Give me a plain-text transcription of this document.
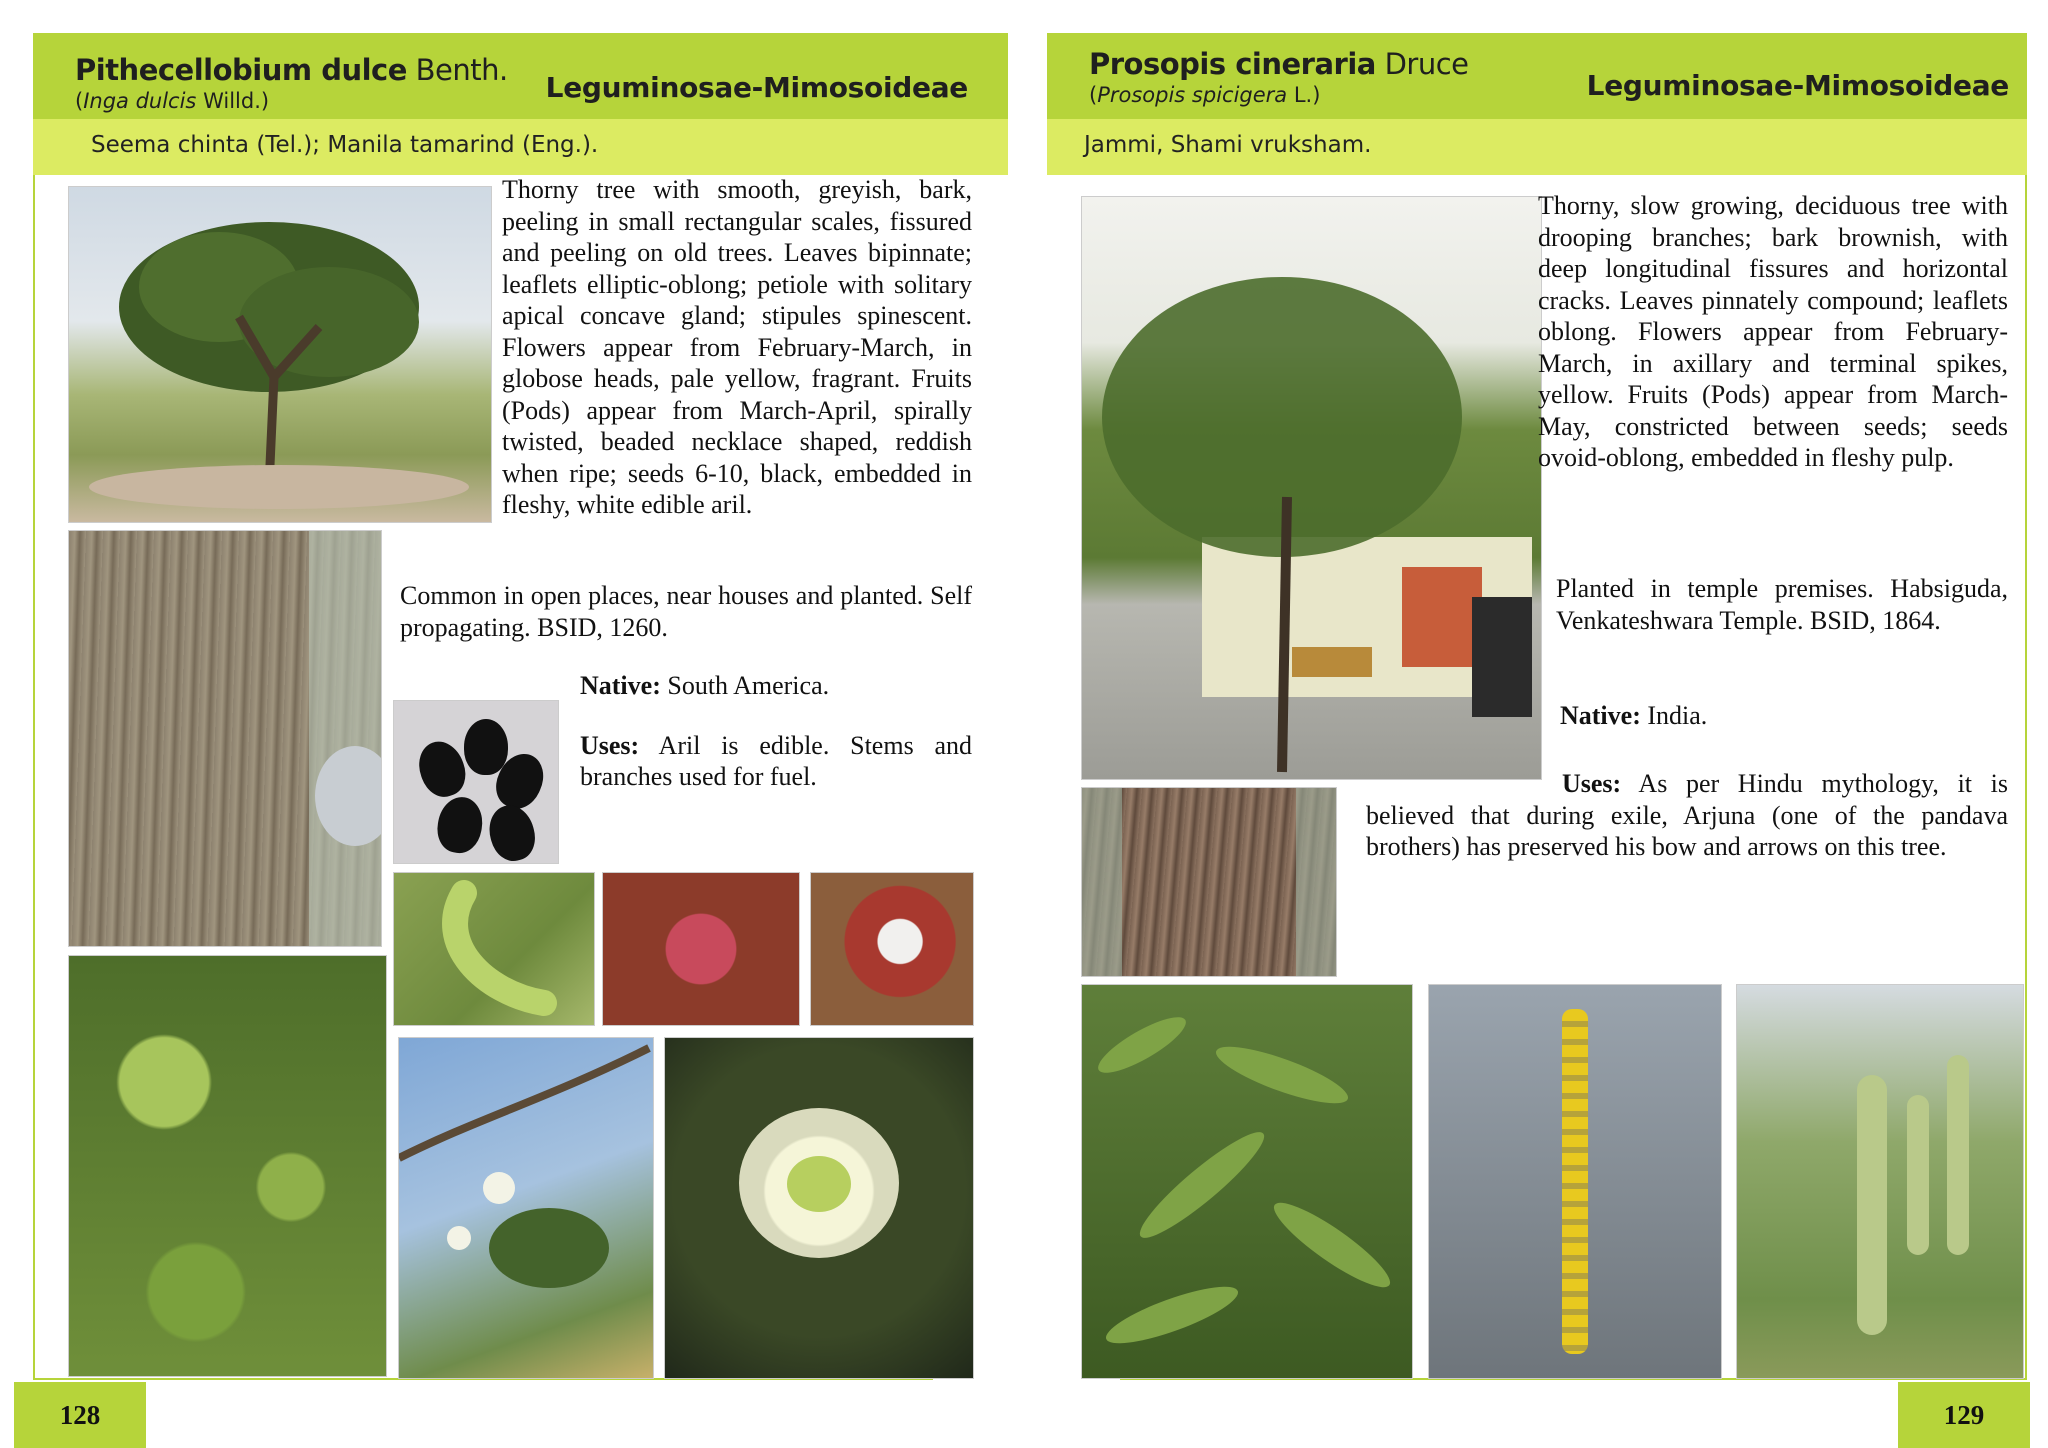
Pithecellobium dulce Benth.
(Inga dulcis Willd.)	Leguminosae-Mimosoideae
Seema chinta (Tel.); Manila tamarind (Eng.).

Thorny tree with smooth, greyish, bark, peeling in small rectangular scales, fissured and peeling on old trees. Leaves bipinnate; leaflets elliptic-oblong; petiole with solitary apical concave gland; stipules spinescent. Flowers appear from February-March, in globose heads, pale yellow, fragrant. Fruits (Pods) appear from March-April, spirally twisted, beaded necklace shaped, reddish when ripe; seeds 6-10, black, embedded in fleshy, white edible aril.

Common in open places, near houses and planted. Self propagating. BSID, 1260.

Native: South America.

Uses: Aril is edible. Stems and branches used for fuel.

128
Prosopis cineraria Druce
(Prosopis spicigera L.)	Leguminosae-Mimosoideae
Jammi, Shami vruksham.

Thorny, slow growing, deciduous tree with drooping branches; bark brownish, with deep longitudinal fissures and horizontal cracks. Leaves pinnately compound; leaflets oblong. Flowers appear from February-March, in axillary and terminal spikes, yellow. Fruits (Pods) appear from March-May, constricted between seeds; seeds ovoid-oblong, embedded in fleshy pulp.

Planted in temple premises. Habsiguda, Venkateshwara Temple. BSID, 1864.

Native: India.

Uses: As per Hindu mythology, it is believed that during exile, Arjuna (one of the pandava brothers) has preserved his bow and arrows on this tree.

129
